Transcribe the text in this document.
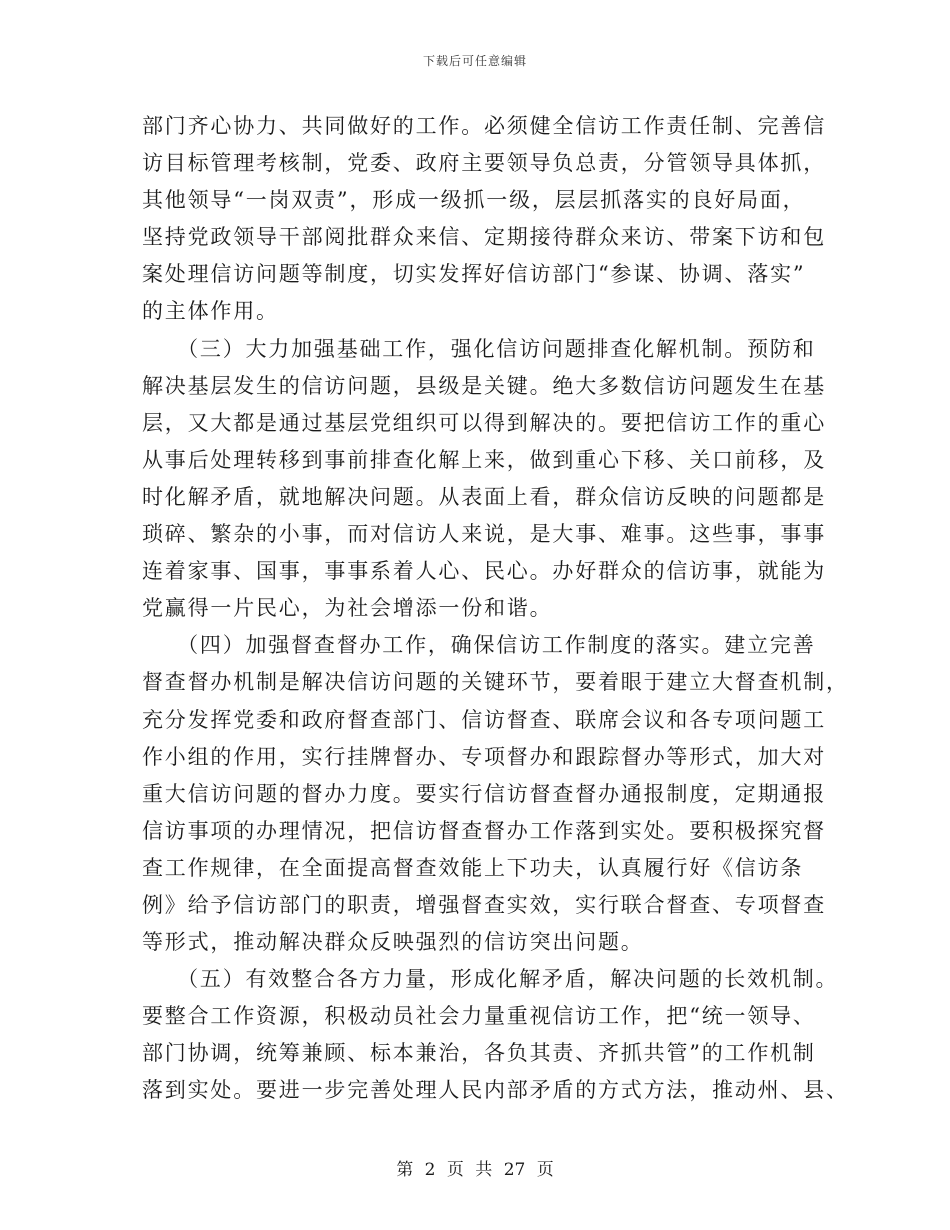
下载后可任意编辑
部门齐心协力、共同做好的工作。必须健全信访工作责任制、完善信
访目标管理考核制，党委、政府主要领导负总责，分管领导具体抓，
其他领导“一岗双责”，形成一级抓一级，层层抓落实的良好局面，
坚持党政领导干部阅批群众来信、定期接待群众来访、带案下访和包
案处理信访问题等制度，切实发挥好信访部门“参谋、协调、落实”
的主体作用。
　　（三）大力加强基础工作，强化信访问题排查化解机制。预防和
解决基层发生的信访问题，县级是关键。绝大多数信访问题发生在基
层，又大都是通过基层党组织可以得到解决的。要把信访工作的重心
从事后处理转移到事前排查化解上来，做到重心下移、关口前移，及
时化解矛盾，就地解决问题。从表面上看，群众信访反映的问题都是
琐碎、繁杂的小事，而对信访人来说，是大事、难事。这些事，事事
连着家事、国事，事事系着人心、民心。办好群众的信访事，就能为
党赢得一片民心，为社会增添一份和谐。
　　（四）加强督查督办工作，确保信访工作制度的落实。建立完善
督查督办机制是解决信访问题的关键环节，要着眼于建立大督查机制，
充分发挥党委和政府督查部门、信访督查、联席会议和各专项问题工
作小组的作用，实行挂牌督办、专项督办和跟踪督办等形式，加大对
重大信访问题的督办力度。要实行信访督查督办通报制度，定期通报
信访事项的办理情况，把信访督查督办工作落到实处。要积极探究督
查工作规律，在全面提高督查效能上下功夫，认真履行好《信访条
例》给予信访部门的职责，增强督查实效，实行联合督查、专项督查
等形式，推动解决群众反映强烈的信访突出问题。
　　（五）有效整合各方力量，形成化解矛盾，解决问题的长效机制。
要整合工作资源，积极动员社会力量重视信访工作，把“统一领导、
部门协调，统筹兼顾、标本兼治，各负其责、齐抓共管”的工作机制
落到实处。要进一步完善处理人民内部矛盾的方式方法，推动州、县、
第 2 页 共 27 页
